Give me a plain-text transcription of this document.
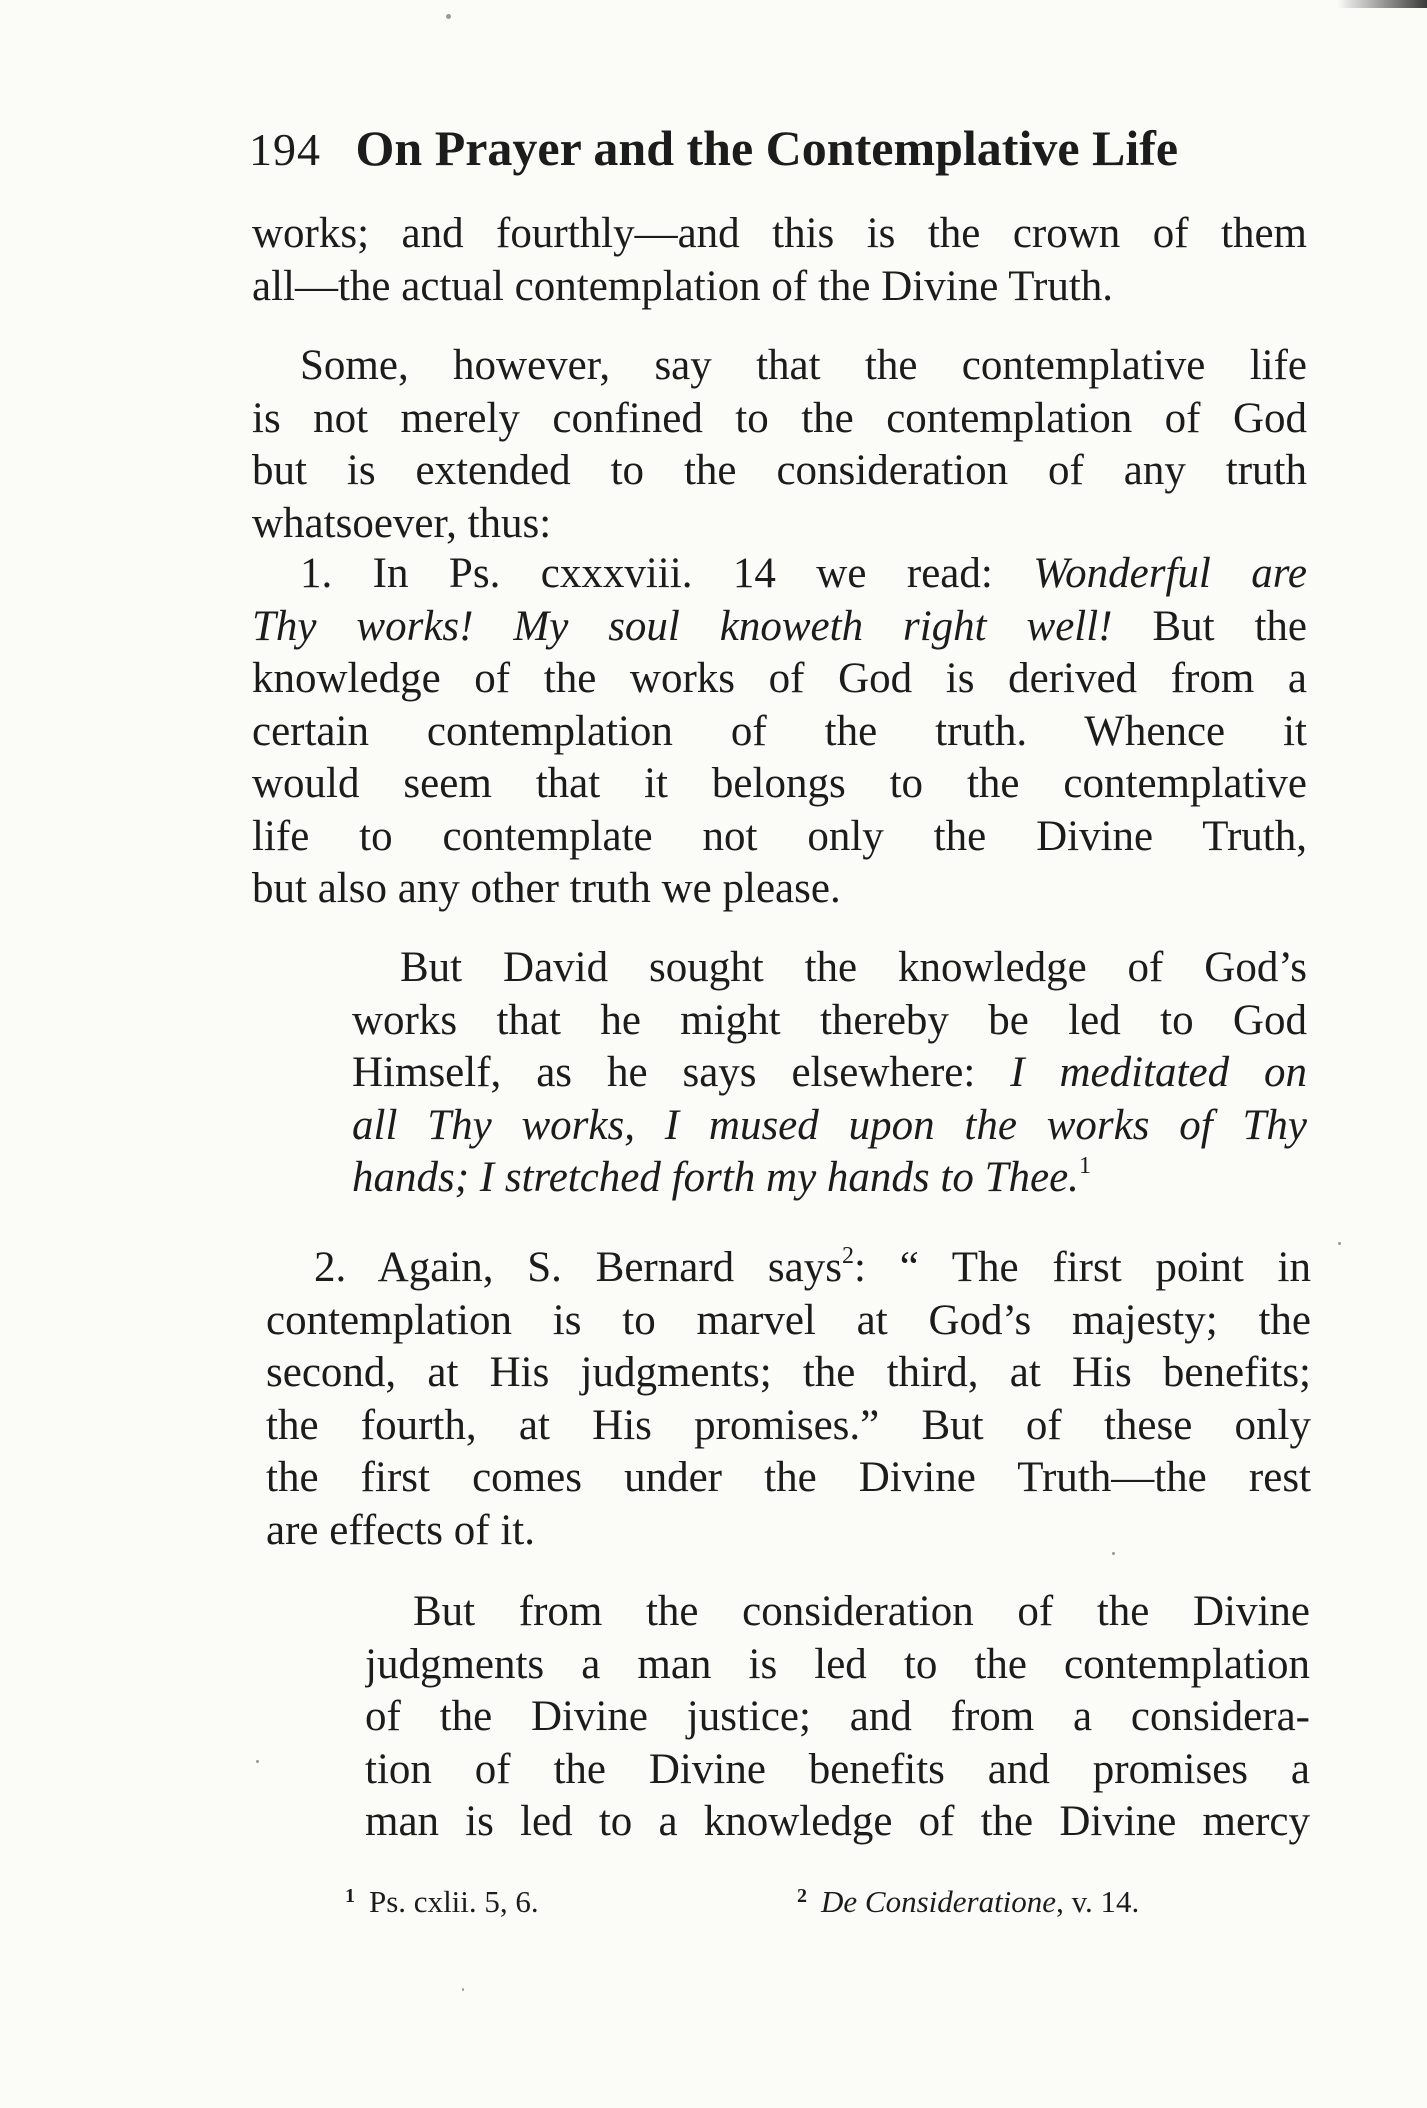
194 On Prayer and the Contemplative Life
works; and fourthly—and this is the crown of them
all—the actual contemplation of the Divine Truth.
Some, however, say that the contemplative life
is not merely confined to the contemplation of God
but is extended to the consideration of any truth
whatsoever, thus:
1. In Ps. cxxxviii. 14 we read: Wonderful are
Thy works! My soul knoweth right well! But the
knowledge of the works of God is derived from a
certain contemplation of the truth. Whence it
would seem that it belongs to the contemplative
life to contemplate not only the Divine Truth,
but also any other truth we please.
But David sought the knowledge of God’s
works that he might thereby be led to God
Himself, as he says elsewhere: I meditated on
all Thy works, I mused upon the works of Thy
hands; I stretched forth my hands to Thee.$^1$
2. Again, S. Bernard says$^2$: “ The first point in
contemplation is to marvel at God’s majesty; the
second, at His judgments; the third, at His benefits;
the fourth, at His promises.” But of these only
the first comes under the Divine Truth—the rest
are effects of it.
But from the consideration of the Divine
judgments a man is led to the contemplation
of the Divine justice; and from a considera-
tion of the Divine benefits and promises a
man is led to a knowledge of the Divine mercy
$^1$ Ps. cxlii. 5, 6.	$^2$ De Consideratione, v. 14.
